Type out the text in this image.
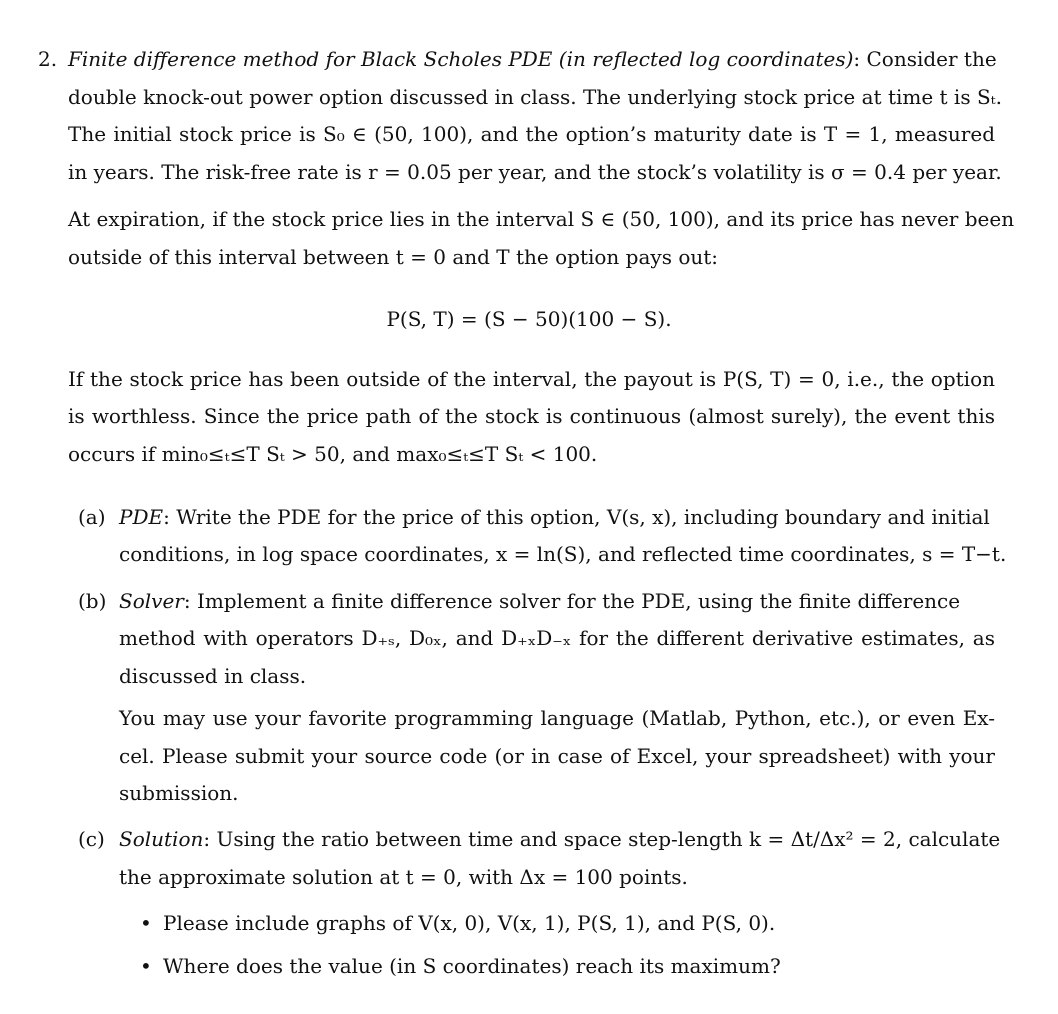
2. Finite difference method for Black Scholes PDE (in reflected log coordinates): Consider the
double knock-out power option discussed in class. The underlying stock price at time t is Sₜ.
The initial stock price is S₀ ∈ (50, 100), and the option’s maturity date is T = 1, measured
in years. The risk-free rate is r = 0.05 per year, and the stock’s volatility is σ = 0.4 per year.
At expiration, if the stock price lies in the interval S ∈ (50, 100), and its price has never been
outside of this interval between t = 0 and T the option pays out:
P(S, T) = (S − 50)(100 − S).
If the stock price has been outside of the interval, the payout is P(S, T) = 0, i.e., the option
is worthless. Since the price path of the stock is continuous (almost surely), the event this
occurs if min₀≤ₜ≤T Sₜ > 50, and max₀≤ₜ≤T Sₜ < 100.
(a) PDE: Write the PDE for the price of this option, V(s, x), including boundary and initial
conditions, in log space coordinates, x = ln(S), and reflected time coordinates, s = T−t.
(b) Solver: Implement a finite difference solver for the PDE, using the finite difference
method with operators D₊ₛ, D₀ₓ, and D₊ₓD₋ₓ for the different derivative estimates, as
discussed in class.
You may use your favorite programming language (Matlab, Python, etc.), or even Ex-
cel. Please submit your source code (or in case of Excel, your spreadsheet) with your
submission.
(c) Solution: Using the ratio between time and space step-length k = Δt/Δx² = 2, calculate
the approximate solution at t = 0, with Δx = 100 points.
• Please include graphs of V(x, 0), V(x, 1), P(S, 1), and P(S, 0).
• Where does the value (in S coordinates) reach its maximum?
